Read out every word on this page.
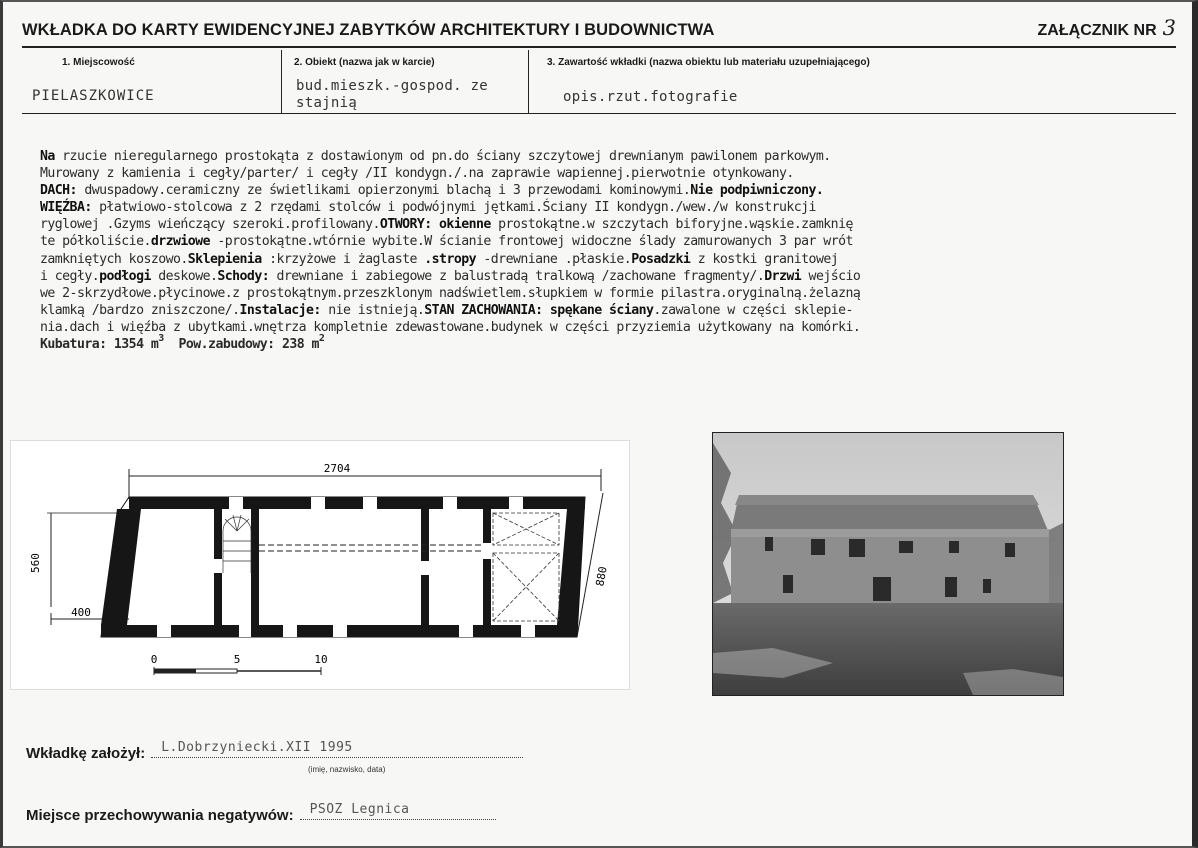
WKŁADKA DO KARTY EWIDENCYJNEJ ZABYTKÓW ARCHITEKTURY I BUDOWNICTWA	ZAŁĄCZNIK NR 3
1. Miejscowość
PIELASZKOWICE
2. Obiekt (nazwa jak w karcie)
bud.mieszk.-gospod. ze stajnią
3. Zawartość wkładki (nazwa obiektu lub materiału uzupełniającego)
opis.rzut.fotografie
Na rzucie nieregularnego prostokąta z dostawionym od pn.do ściany szczytowej drewnianym pawilonem parkowym.
Murowany z kamienia i cegły/parter/ i cegły /II kondygn./.na zaprawie wapiennej.pierwotnie otynkowany.
DACH: dwuspadowy.ceramiczny ze świetlikami opierzonymi blachą i 3 przewodami kominowymi.Nie podpiwniczony.
WIĘŹBA: płatwiowo-stolcowa z 2 rzędami stolców i podwójnymi jętkami.Ściany II kondygn./wew./w konstrukcji
ryglowej .Gzyms wieńczący szeroki.profilowany.OTWORY: okienne prostokątne.w szczytach biforyjne.wąskie.zamknię
te półkoliście.drzwiowe -prostokątne.wtórnie wybite.W ścianie frontowej widoczne ślady zamurowanych 3 par wrót
zamkniętych koszowo.Sklepienia :krzyżowe i żaglaste .stropy -drewniane .płaskie.Posadzki z kostki granitowej
i cegły.podłogi deskowe.Schody: drewniane i zabiegowe z balustradą tralkową /zachowane fragmenty/.Drzwi wejścio
we 2-skrzydłowe.płycinowe.z prostokątnym.przeszklonym nadświetlem.słupkiem w formie pilastra.oryginalną.żelazną
klamką /bardzo zniszczone/.Instalacje: nie istnieją.STAN ZACHOWANIA: spękane ściany.zawalone w części sklepie-
nia.dach i więźba z ubytkami.wnętrza kompletnie zdewastowane.budynek w części przyziemia użytkowany na komórki.
Kubatura: 1354 $m^3$ Pow.zabudowy: 238 $m^2$
2704
560
400
880
0	5	10
Wkładkę założył: L.Dobrzyniecki.XII 1995
(imię, nazwisko, data)
Miejsce przechowywania negatywów: PSOZ Legnica
